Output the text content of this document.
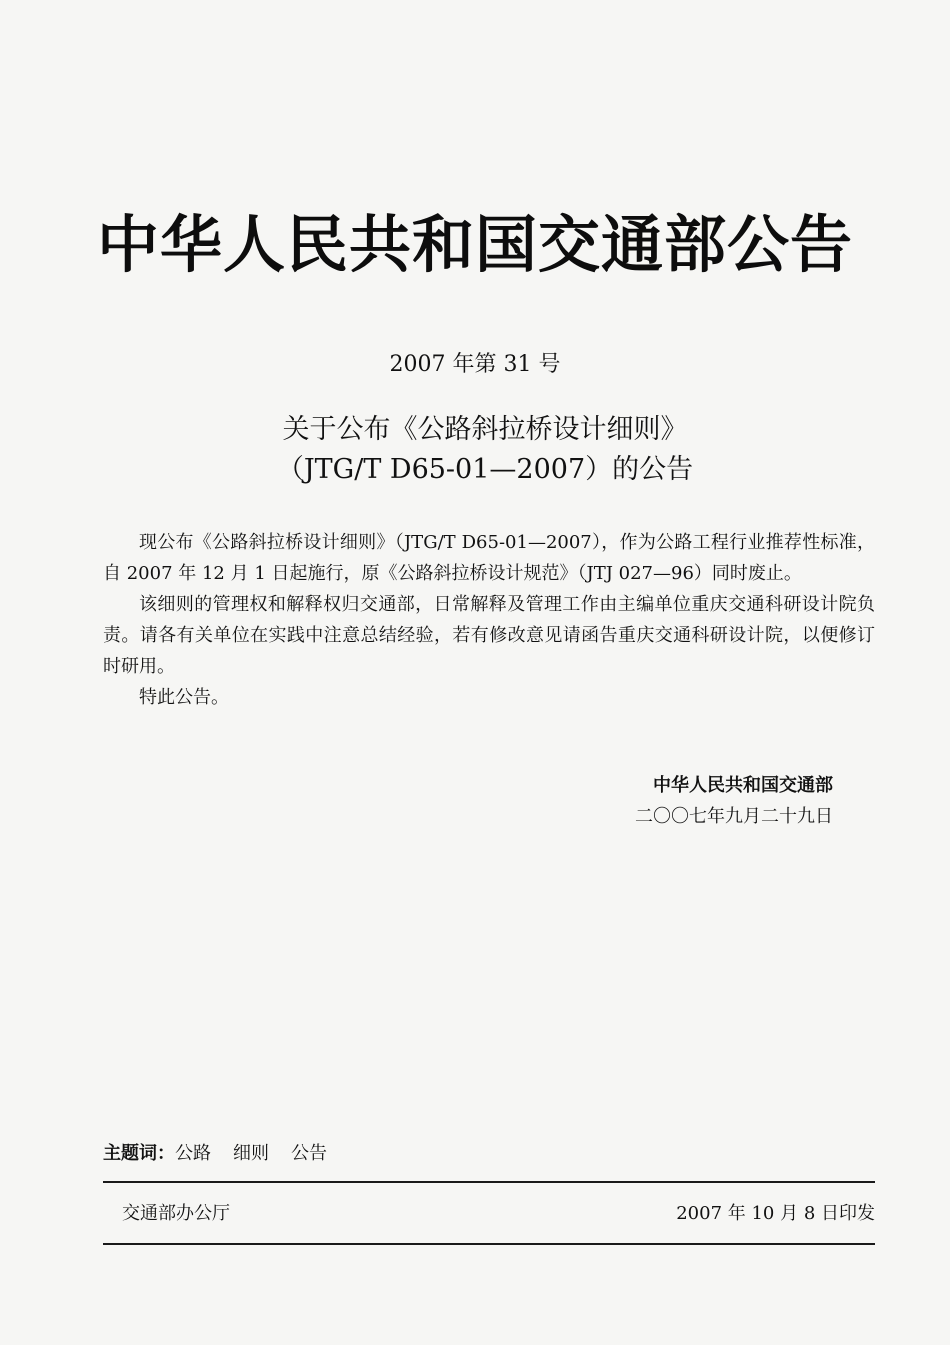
中华人民共和国交通部公告
2007 年第 31 号
关于公布《公路斜拉桥设计细则》
（JTG/T D65-01—2007）的公告

现公布《公路斜拉桥设计细则》（JTG/T D65-01—2007），作为公路工程行业推荐性标准，自 2007 年 12 月 1 日起施行，原《公路斜拉桥设计规范》（JTJ 027—96）同时废止。

该细则的管理权和解释权归交通部，日常解释及管理工作由主编单位重庆交通科研设计院负责。请各有关单位在实践中注意总结经验，若有修改意见请函告重庆交通科研设计院，以便修订时研用。

特此公告。

中华人民共和国交通部
二〇〇七年九月二十九日
主题词：公路 细则 公告
交通部办公厅	2007 年 10 月 8 日印发
